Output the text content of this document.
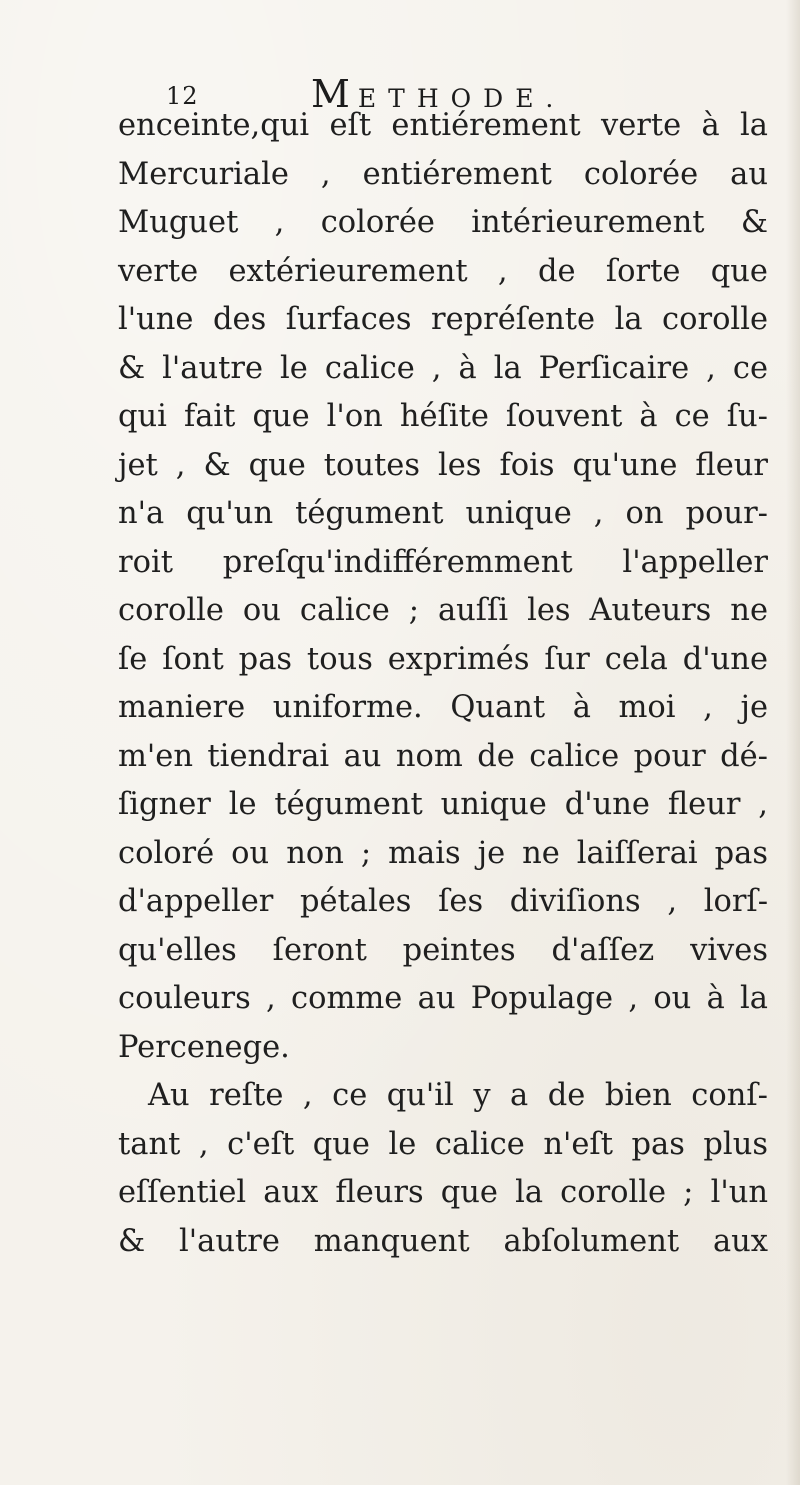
12	METHODE.
enceinte,qui eſt entiérement verte à la
Mercuriale , entiérement colorée au
Muguet , colorée intérieurement &
verte extérieurement , de ſorte que
l'une des ſurfaces repréſente la corolle
& l'autre le calice , à la Perſicaire , ce
qui fait que l'on héſite ſouvent à ce ſu-
jet , & que toutes les fois qu'une fleur
n'a qu'un tégument unique , on pour-
roit preſqu'indifféremment l'appeller
corolle ou calice ; auſſi les Auteurs ne
ſe ſont pas tous exprimés ſur cela d'une
maniere uniforme. Quant à moi , je
m'en tiendrai au nom de calice pour dé-
ſigner le tégument unique d'une fleur ,
coloré ou non ; mais je ne laiſſerai pas
d'appeller pétales ſes diviſions , lorſ-
qu'elles ſeront peintes d'aſſez vives
couleurs , comme au Populage , ou à la
Percenege.
Au reſte , ce qu'il y a de bien conſ-
tant , c'eſt que le calice n'eſt pas plus
eſſentiel aux fleurs que la corolle ; l'un
& l'autre manquent abſolument aux
